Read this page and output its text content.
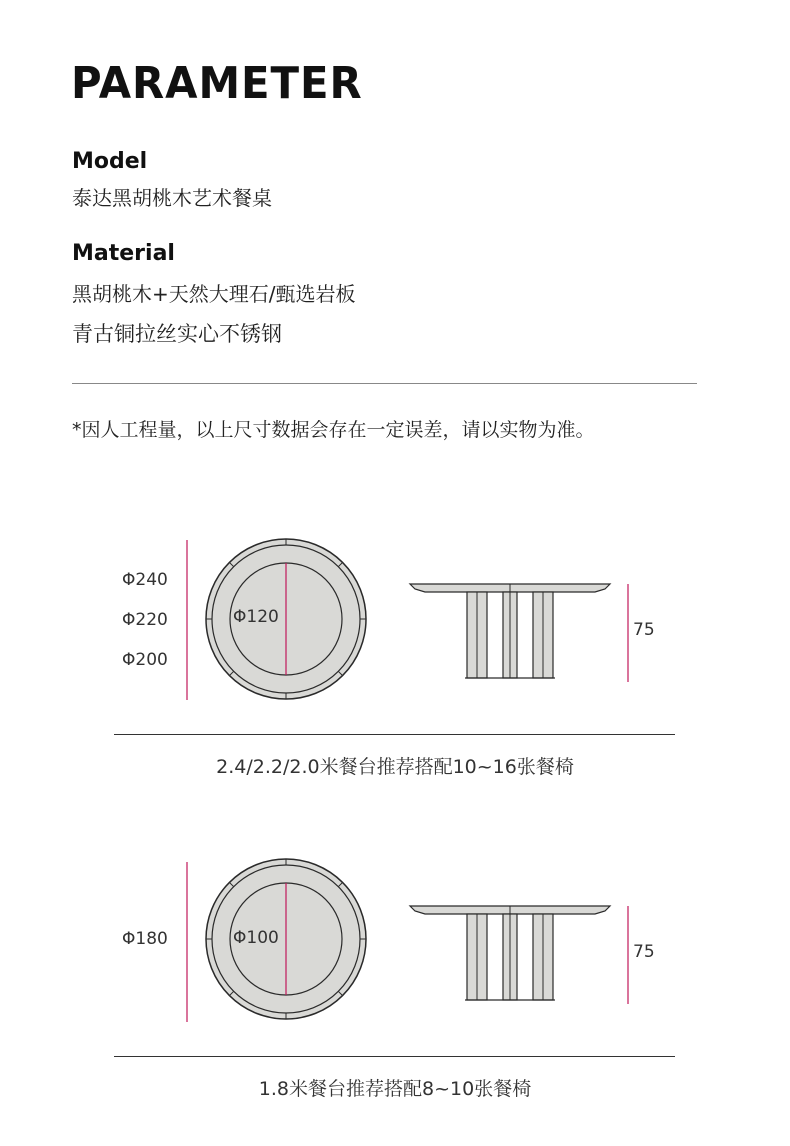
PARAMETER
Model
泰达黑胡桃木艺术餐桌
Material
黑胡桃木+天然大理石/甄选岩板
青古铜拉丝实心不锈钢
*因人工程量，以上尺寸数据会存在一定误差，请以实物为准。
Φ240
Φ220
Φ200
Φ120
75
2.4/2.2/2.0米餐台推荐搭配10~16张餐椅
Φ180	Φ100
75
1.8米餐台推荐搭配8~10张餐椅
